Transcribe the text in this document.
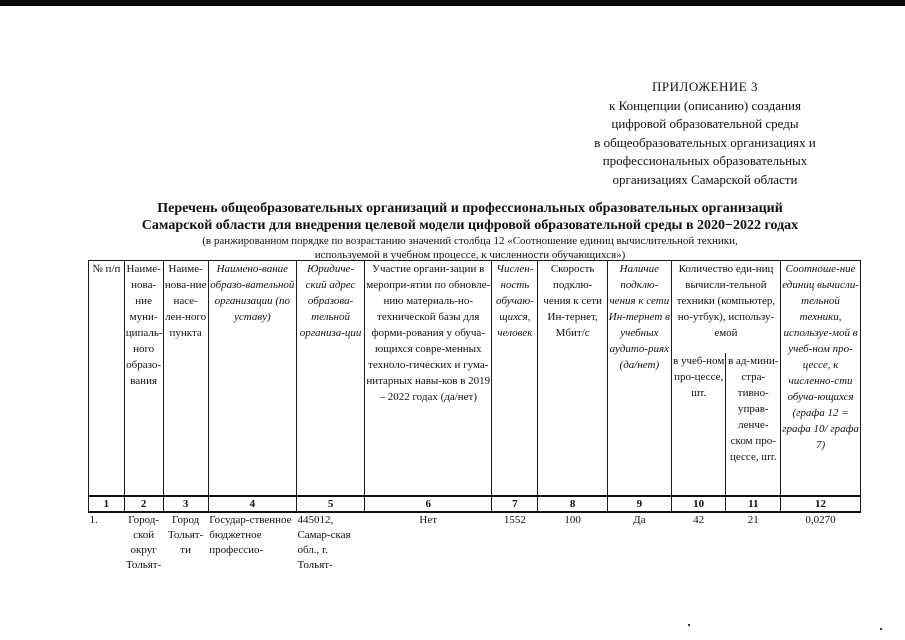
ПРИЛОЖЕНИЕ 3
к Концепции (описанию) создания
цифровой образовательной среды
в общеобразовательных организациях и
профессиональных образовательных
организациях Самарской области
Перечень общеобразовательных организаций и профессиональных образовательных организаций
Самарской области для внедрения целевой модели цифровой образовательной среды в 2020−2022 годах
(в ранжированном порядке по возрастанию значений столбца 12 «Соотношение единиц вычислительной техники,
используемой в учебном процессе, к численности обучающихся»)
№ п/п	Наиме-нова-ние муни-ципаль-ного образо-вания	Наиме-нова-ние насе-лен-ного пункта	Наимено-вание образо-вательной организации (по уставу)	Юридиче-ский адрес образова-тельной организа-ции	Участие органи-зации в меропри-ятии по обновле-нию материаль-но-технической базы для форми-рования у обуча-ющихся совре-менных техноло-гических и гума-нитарных навы-ков в 2019 – 2022 годах (да/нет)	Числен-ность обучаю-щихся, человек	Скорость подклю-чения к сети Ин-тернет, Мбит/с	Наличие подклю-чения к сети Ин-тернет в учебных аудито-риях (да/нет)	Количество еди-ниц вычисли-тельной техники (компьютер, но-утбук), использу-емой		Соотноше-ние единиц вычисли-тельной техники, используе-мой в учеб-ном про-цессе, к численно-сти обуча-ющихся (графа 12 = графа 10/ графа 7)
									в учеб-ном про-цессе, шт.	в ад-мини-стра-тивно-управ-ленче-ском про-цессе, шт.	
1	2	3	4	5	6	7	8	9	10	11	12
1.	Город-ской округ Тольят-	Город Тольят-ти	Государ-ственное бюджетное профессио-	445012, Самар-ская обл., г. Тольят-	Нет	1552	100	Да	42	21	0,0270
